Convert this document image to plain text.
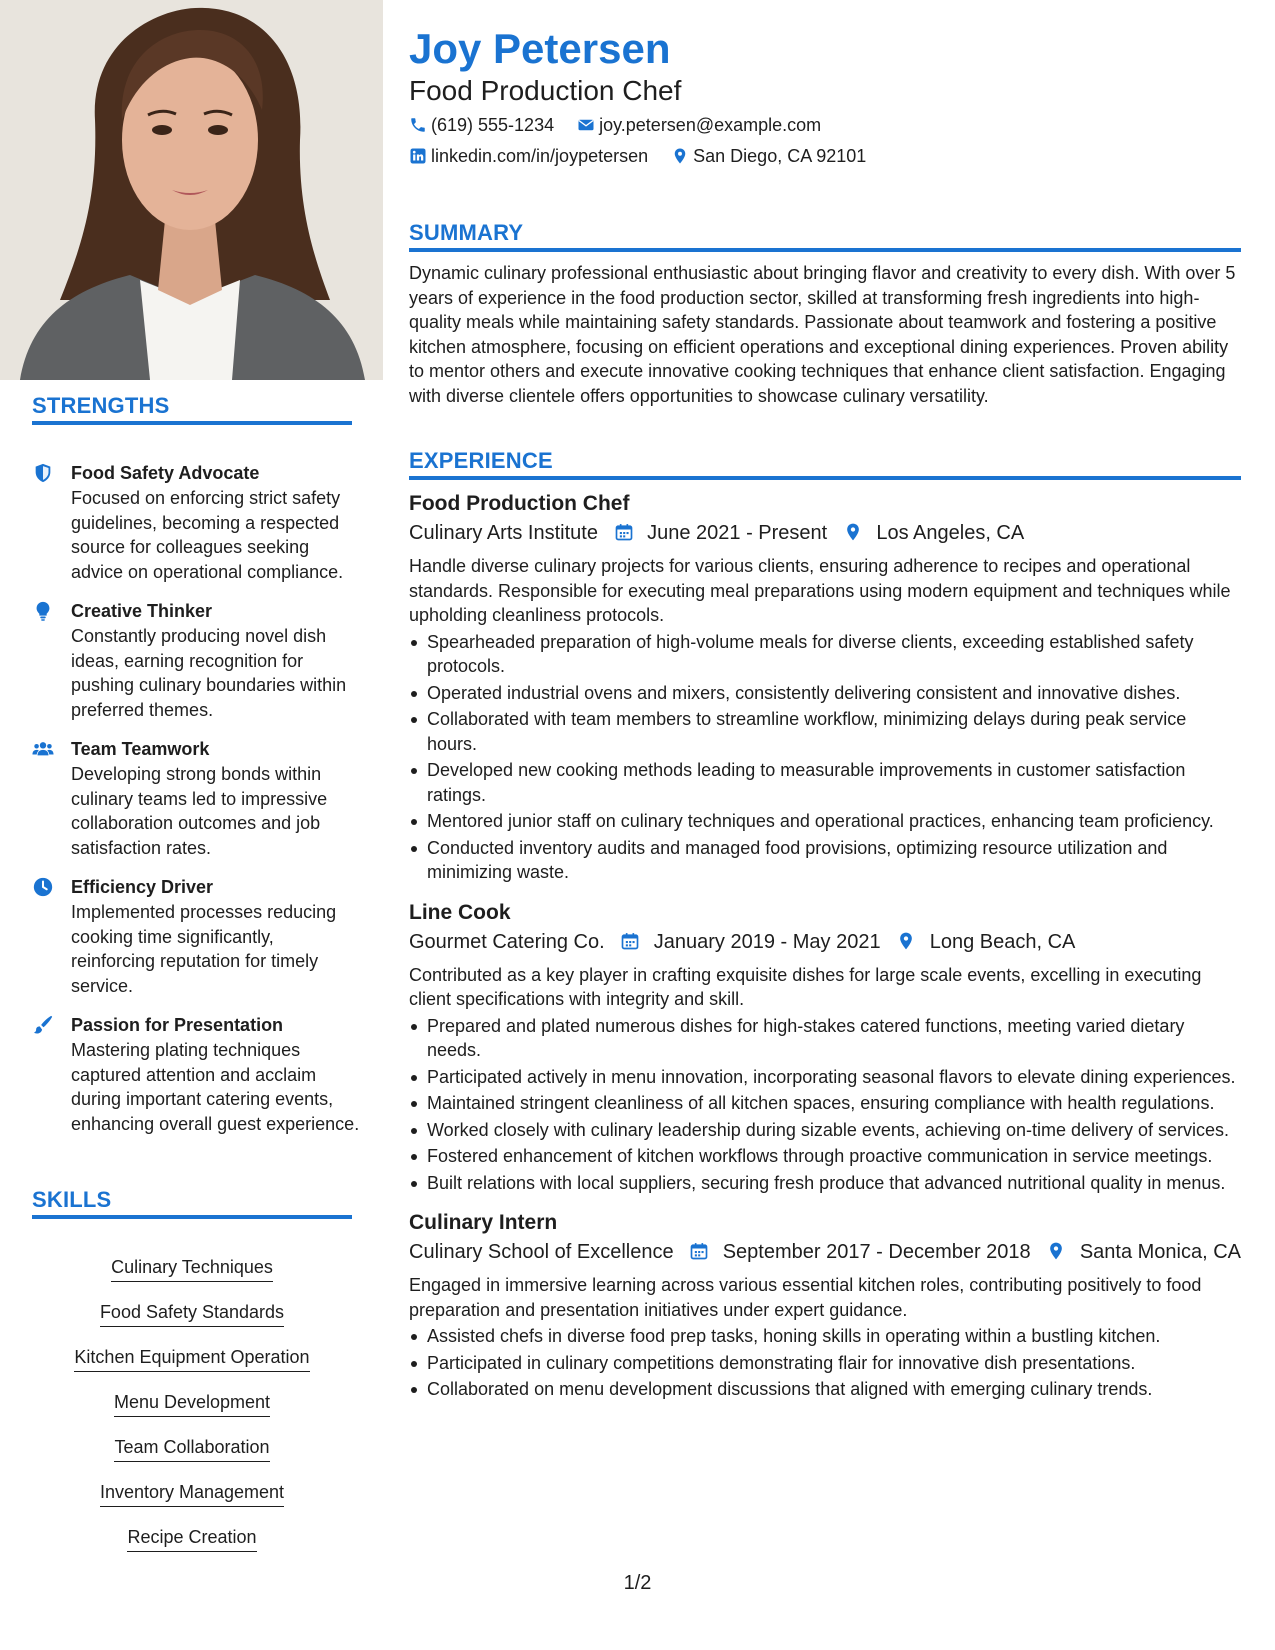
STRENGTHS
Food Safety Advocate
Focused on enforcing strict safety guidelines, becoming a respected source for colleagues seeking advice on operational compliance.
Creative Thinker
Constantly producing novel dish ideas, earning recognition for pushing culinary boundaries within preferred themes.
Team Teamwork
Developing strong bonds within culinary teams led to impressive collaboration outcomes and job satisfaction rates.
Efficiency Driver
Implemented processes reducing cooking time significantly, reinforcing reputation for timely service.
Passion for Presentation
Mastering plating techniques captured attention and acclaim during important catering events, enhancing overall guest experience.
SKILLS
Culinary Techniques
Food Safety Standards
Kitchen Equipment Operation
Menu Development
Team Collaboration
Inventory Management
Recipe Creation
Joy Petersen
Food Production Chef
(619) 555-1234	joy.petersen@example.com
linkedin.com/in/joypetersen	San Diego, CA 92101
SUMMARY
Dynamic culinary professional enthusiastic about bringing flavor and creativity to every dish. With over 5 years of experience in the food production sector, skilled at transforming fresh ingredients into high-quality meals while maintaining safety standards. Passionate about teamwork and fostering a positive kitchen atmosphere, focusing on efficient operations and exceptional dining experiences. Proven ability to mentor others and execute innovative cooking techniques that enhance client satisfaction. Engaging with diverse clientele offers opportunities to showcase culinary versatility.
EXPERIENCE
Food Production Chef
Culinary Arts Institute June 2021 - Present Los Angeles, CA
Handle diverse culinary projects for various clients, ensuring adherence to recipes and operational standards. Responsible for executing meal preparations using modern equipment and techniques while upholding cleanliness protocols.
Spearheaded preparation of high-volume meals for diverse clients, exceeding established safety protocols.
Operated industrial ovens and mixers, consistently delivering consistent and innovative dishes.
Collaborated with team members to streamline workflow, minimizing delays during peak service hours.
Developed new cooking methods leading to measurable improvements in customer satisfaction ratings.
Mentored junior staff on culinary techniques and operational practices, enhancing team proficiency.
Conducted inventory audits and managed food provisions, optimizing resource utilization and minimizing waste.
Line Cook
Gourmet Catering Co. January 2019 - May 2021 Long Beach, CA
Contributed as a key player in crafting exquisite dishes for large scale events, excelling in executing client specifications with integrity and skill.
Prepared and plated numerous dishes for high-stakes catered functions, meeting varied dietary needs.
Participated actively in menu innovation, incorporating seasonal flavors to elevate dining experiences.
Maintained stringent cleanliness of all kitchen spaces, ensuring compliance with health regulations.
Worked closely with culinary leadership during sizable events, achieving on-time delivery of services.
Fostered enhancement of kitchen workflows through proactive communication in service meetings.
Built relations with local suppliers, securing fresh produce that advanced nutritional quality in menus.
Culinary Intern
Culinary School of Excellence September 2017 - December 2018 Santa Monica, CA
Engaged in immersive learning across various essential kitchen roles, contributing positively to food preparation and presentation initiatives under expert guidance.
Assisted chefs in diverse food prep tasks, honing skills in operating within a bustling kitchen.
Participated in culinary competitions demonstrating flair for innovative dish presentations.
Collaborated on menu development discussions that aligned with emerging culinary trends.
1/2
